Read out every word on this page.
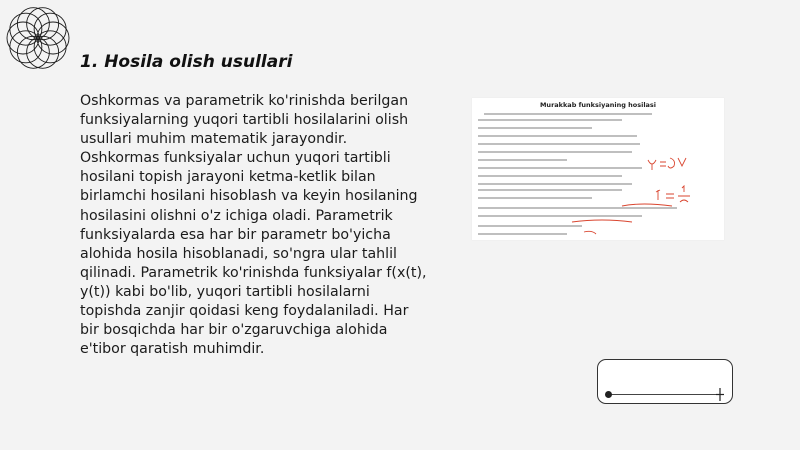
1. Hosila olish usullari

Oshkormas va parametrik ko'rinishda berilgan funksiyalarning yuqori tartibli hosilalarini olish usullari muhim matematik jarayondir. Oshkormas funksiyalar uchun yuqori tartibli hosilani topish jarayoni ketma-ketlik bilan birlamchi hosilani hisoblash va keyin hosilaning hosilasini olishni o'z ichiga oladi. Parametrik funksiyalarda esa har bir parametr bo'yicha alohida hosila hisoblanadi, so'ngra ular tahlil qilinadi. Parametrik ko'rinishda funksiyalar f(x(t), y(t)) kabi bo'lib, yuqori tartibli hosilalarni topishda zanjir qoidasi keng foydalaniladi. Har bir bosqichda har bir o'zgaruvchiga alohida e'tibor qaratish muhimdir.

Murakkab funksiyaning hosilasi
